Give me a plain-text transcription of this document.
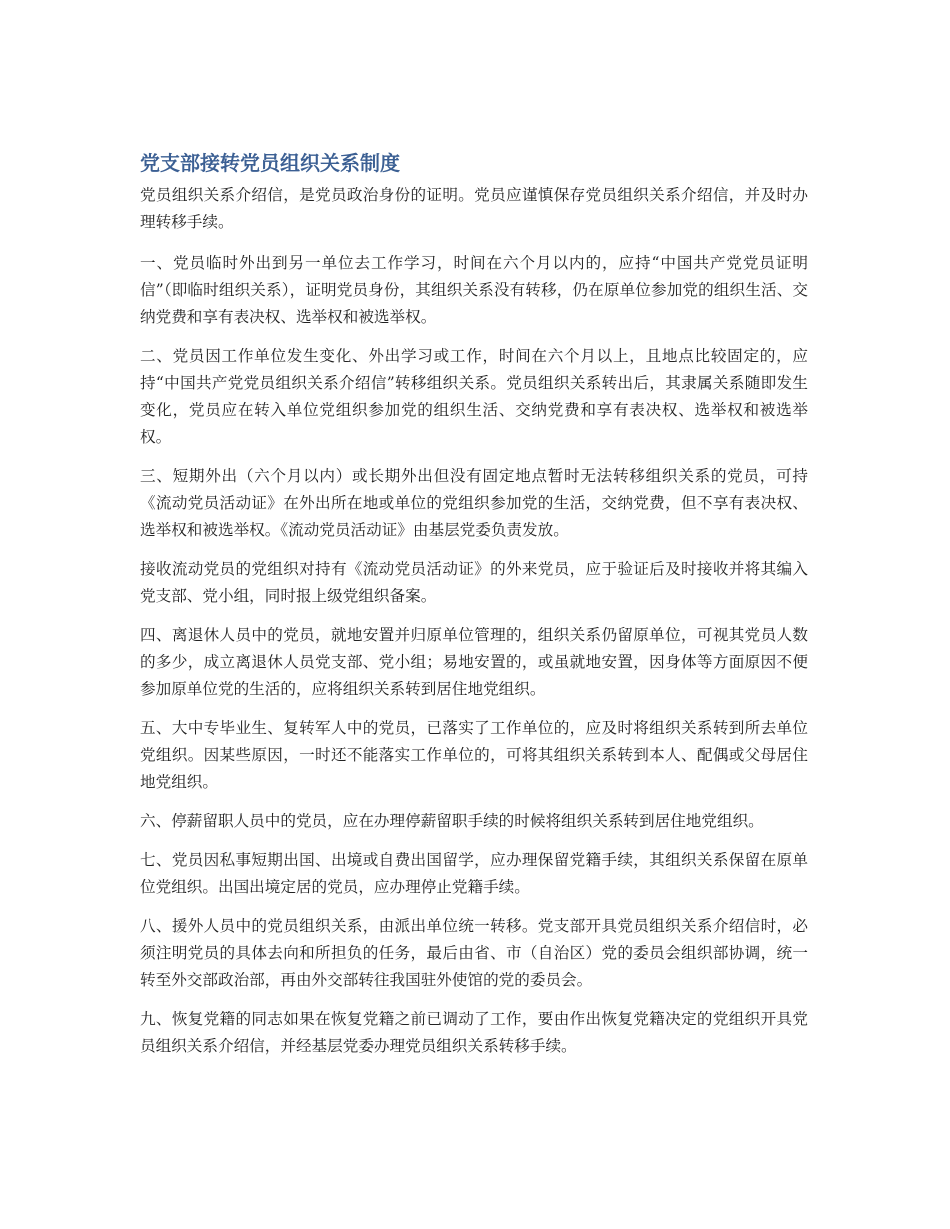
党支部接转党员组织关系制度

党员组织关系介绍信，是党员政治身份的证明。党员应谨慎保存党员组织关系介绍信，并及时办理转移手续。

一、党员临时外出到另一单位去工作学习，时间在六个月以内的，应持“中国共产党党员证明信”（即临时组织关系），证明党员身份，其组织关系没有转移，仍在原单位参加党的组织生活、交纳党费和享有表决权、选举权和被选举权。

二、党员因工作单位发生变化、外出学习或工作，时间在六个月以上，且地点比较固定的，应持“中国共产党党员组织关系介绍信”转移组织关系。党员组织关系转出后，其隶属关系随即发生变化，党员应在转入单位党组织参加党的组织生活、交纳党费和享有表决权、选举权和被选举权。

三、短期外出（六个月以内）或长期外出但没有固定地点暂时无法转移组织关系的党员，可持《流动党员活动证》在外出所在地或单位的党组织参加党的生活，交纳党费，但不享有表决权、选举权和被选举权。《流动党员活动证》由基层党委负责发放。

接收流动党员的党组织对持有《流动党员活动证》的外来党员，应于验证后及时接收并将其编入党支部、党小组，同时报上级党组织备案。

四、离退休人员中的党员，就地安置并归原单位管理的，组织关系仍留原单位，可视其党员人数的多少，成立离退休人员党支部、党小组；易地安置的，或虽就地安置，因身体等方面原因不便参加原单位党的生活的，应将组织关系转到居住地党组织。

五、大中专毕业生、复转军人中的党员，已落实了工作单位的，应及时将组织关系转到所去单位党组织。因某些原因，一时还不能落实工作单位的，可将其组织关系转到本人、配偶或父母居住地党组织。

六、停薪留职人员中的党员，应在办理停薪留职手续的时候将组织关系转到居住地党组织。

七、党员因私事短期出国、出境或自费出国留学，应办理保留党籍手续，其组织关系保留在原单位党组织。出国出境定居的党员，应办理停止党籍手续。

八、援外人员中的党员组织关系，由派出单位统一转移。党支部开具党员组织关系介绍信时，必须注明党员的具体去向和所担负的任务，最后由省、市（自治区）党的委员会组织部协调，统一转至外交部政治部，再由外交部转往我国驻外使馆的党的委员会。

九、恢复党籍的同志如果在恢复党籍之前已调动了工作，要由作出恢复党籍决定的党组织开具党员组织关系介绍信，并经基层党委办理党员组织关系转移手续。
